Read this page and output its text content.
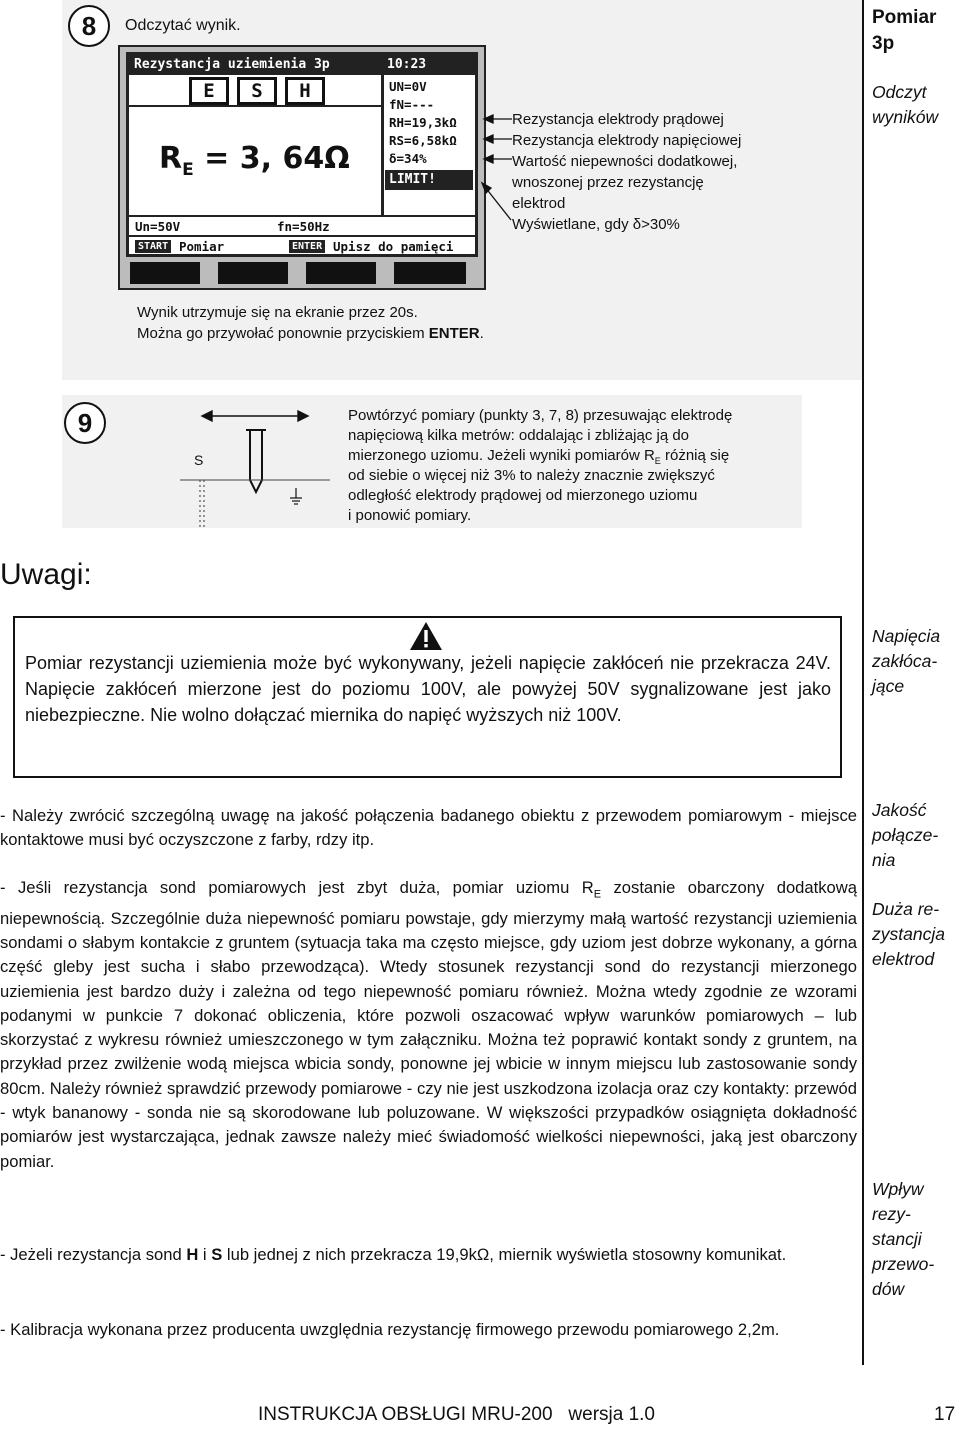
8 Odczytać wynik.
Rezystancja uziemienia 3p	10:23
E	S	H	UN=0V
fN=---
RH=19,3kΩ
RS=6,58kΩ
δ=34%
LIMIT!
$R_E = 3$, 64Ω
Un=50V	fn=50Hz
START Pomiar	ENTER Upisz do pamięci
Rezystancja elektrody prądowej
Rezystancja elektrody napięciowej
Wartość niepewności dodatkowej,
wnoszonej przez rezystancję
elektrod
Wyświetlane, gdy δ>30%
Wynik utrzymuje się na ekranie przez 20s.
Można go przywołać ponownie przyciskiem ENTER.
9
S
Powtórzyć pomiary (punkty 3, 7, 8) przesuwając elektrodę
napięciową kilka metrów: oddalając i zbliżając ją do
mierzonego uziomu. Jeżeli wyniki pomiarów $R_E$ różnią się
od siebie o więcej niż 3% to należy znacznie zwiększyć
odległość elektrody prądowej od mierzonego uziomu
i ponowić pomiary.
Uwagi:
Pomiar rezystancji uziemienia może być wykonywany, jeżeli napięcie zakłóceń nie przekracza 24V. Napięcie zakłóceń mierzone jest do poziomu 100V, ale powyżej 50V sygnalizowane jest jako niebezpieczne. Nie wolno dołączać miernika do napięć wyższych niż 100V.
- Należy zwrócić szczególną uwagę na jakość połączenia badanego obiektu z przewodem pomiarowym - miejsce kontaktowe musi być oczyszczone z farby, rdzy itp.
- Jeśli rezystancja sond pomiarowych jest zbyt duża, pomiar uziomu $R_E$ zostanie obarczony dodatkową niepewnością. Szczególnie duża niepewność pomiaru powstaje, gdy mierzymy małą wartość rezystancji uziemienia sondami o słabym kontakcie z gruntem (sytuacja taka ma często miejsce, gdy uziom jest dobrze wykonany, a górna część gleby jest sucha i słabo przewodząca). Wtedy stosunek rezystancji sond do rezystancji mierzonego uziemienia jest bardzo duży i zależna od tego niepewność pomiaru również. Można wtedy zgodnie ze wzorami podanymi w punkcie 7 dokonać obliczenia, które pozwoli oszacować wpływ warunków pomiarowych – lub skorzystać z wykresu również umieszczonego w tym załączniku. Można też poprawić kontakt sondy z gruntem, na przykład przez zwilżenie wodą miejsca wbicia sondy, ponowne jej wbicie w innym miejscu lub zastosowanie sondy 80cm. Należy również sprawdzić przewody pomiarowe - czy nie jest uszkodzona izolacja oraz czy kontakty: przewód - wtyk bananowy - sonda nie są skorodowane lub poluzowane. W większości przypadków osiągnięta dokładność pomiarów jest wystarczająca, jednak zawsze należy mieć świadomość wielkości niepewności, jaką jest obarczony pomiar.
- Jeżeli rezystancja sond H i S lub jednej z nich przekracza 19,9kΩ, miernik wyświetla stosowny komunikat.
- Kalibracja wykonana przez producenta uwzględnia rezystancję firmowego przewodu pomiarowego 2,2m.
Pomiar
3p
Odczyt
wyników
Napięcia
zakłóca-
jące
Jakość
połącze-
nia
Duża re-
zystancja
elektrod
Wpływ
rezy-
stancji
przewo-
dów
INSTRUKCJA OBSŁUGI MRU-200   wersja 1.0	17
